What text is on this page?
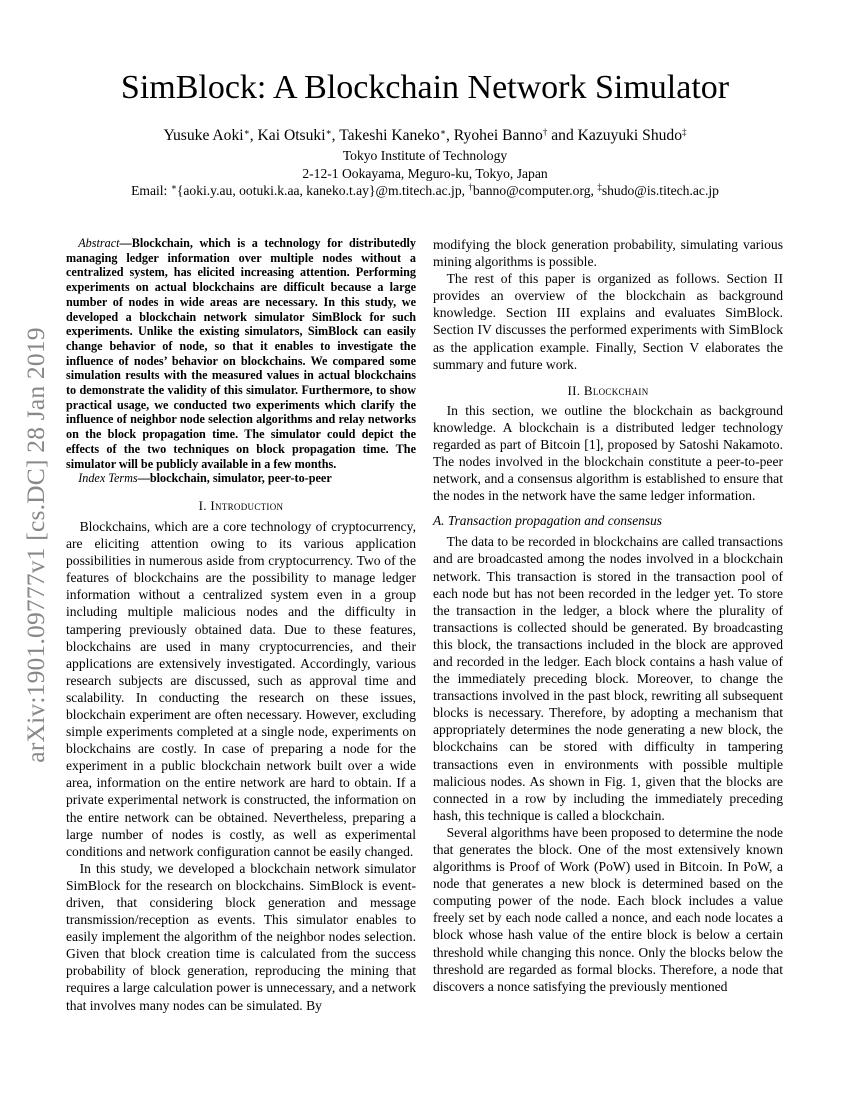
arXiv:1901.09777v1 [cs.DC] 28 Jan 2019
SimBlock: A Blockchain Network Simulator
Yusuke Aoki∗, Kai Otsuki∗, Takeshi Kaneko∗, Ryohei Banno† and Kazuyuki Shudo‡
Tokyo Institute of Technology
2-12-1 Ookayama, Meguro-ku, Tokyo, Japan
Email: ∗{aoki.y.au, ootuki.k.aa, kaneko.t.ay}@m.titech.ac.jp, †banno@computer.org, ‡shudo@is.titech.ac.jp

Abstract—Blockchain, which is a technology for distributedly managing ledger information over multiple nodes without a centralized system, has elicited increasing attention. Performing experiments on actual blockchains are difficult because a large number of nodes in wide areas are necessary. In this study, we developed a blockchain network simulator SimBlock for such experiments. Unlike the existing simulators, SimBlock can easily change behavior of node, so that it enables to investigate the influence of nodes’ behavior on blockchains. We compared some simulation results with the measured values in actual blockchains to demonstrate the validity of this simulator. Furthermore, to show practical usage, we conducted two experiments which clarify the influence of neighbor node selection algorithms and relay networks on the block propagation time. The simulator could depict the effects of the two techniques on block propagation time. The simulator will be publicly available in a few months.

Index Terms—blockchain, simulator, peer-to-peer

I. Introduction

Blockchains, which are a core technology of cryptocurrency, are eliciting attention owing to its various application possibilities in numerous aside from cryptocurrency. Two of the features of blockchains are the possibility to manage ledger information without a centralized system even in a group including multiple malicious nodes and the difficulty in tampering previously obtained data. Due to these features, blockchains are used in many cryptocurrencies, and their applications are extensively investigated. Accordingly, various research subjects are discussed, such as approval time and scalability. In conducting the research on these issues, blockchain experiment are often necessary. However, excluding simple experiments completed at a single node, experiments on blockchains are costly. In case of preparing a node for the experiment in a public blockchain network built over a wide area, information on the entire network are hard to obtain. If a private experimental network is constructed, the information on the entire network can be obtained. Nevertheless, preparing a large number of nodes is costly, as well as experimental conditions and network configuration cannot be easily changed.

In this study, we developed a blockchain network simulator SimBlock for the research on blockchains. SimBlock is event-driven, that considering block generation and message transmission/reception as events. This simulator enables to easily implement the algorithm of the neighbor nodes selection. Given that block creation time is calculated from the success probability of block generation, reproducing the mining that requires a large calculation power is unnecessary, and a network that involves many nodes can be simulated. By

modifying the block generation probability, simulating various mining algorithms is possible.

The rest of this paper is organized as follows. Section II provides an overview of the blockchain as background knowledge. Section III explains and evaluates SimBlock. Section IV discusses the performed experiments with SimBlock as the application example. Finally, Section V elaborates the summary and future work.

II. Blockchain

In this section, we outline the blockchain as background knowledge. A blockchain is a distributed ledger technology regarded as part of Bitcoin [1], proposed by Satoshi Nakamoto. The nodes involved in the blockchain constitute a peer-to-peer network, and a consensus algorithm is established to ensure that the nodes in the network have the same ledger information.

A. Transaction propagation and consensus

The data to be recorded in blockchains are called transactions and are broadcasted among the nodes involved in a blockchain network. This transaction is stored in the transaction pool of each node but has not been recorded in the ledger yet. To store the transaction in the ledger, a block where the plurality of transactions is collected should be generated. By broadcasting this block, the transactions included in the block are approved and recorded in the ledger. Each block contains a hash value of the immediately preceding block. Moreover, to change the transactions involved in the past block, rewriting all subsequent blocks is necessary. Therefore, by adopting a mechanism that appropriately determines the node generating a new block, the blockchains can be stored with difficulty in tampering transactions even in environments with possible multiple malicious nodes. As shown in Fig. 1, given that the blocks are connected in a row by including the immediately preceding hash, this technique is called a blockchain.

Several algorithms have been proposed to determine the node that generates the block. One of the most extensively known algorithms is Proof of Work (PoW) used in Bitcoin. In PoW, a node that generates a new block is determined based on the computing power of the node. Each block includes a value freely set by each node called a nonce, and each node locates a block whose hash value of the entire block is below a certain threshold while changing this nonce. Only the blocks below the threshold are regarded as formal blocks. Therefore, a node that discovers a nonce satisfying the previously mentioned
